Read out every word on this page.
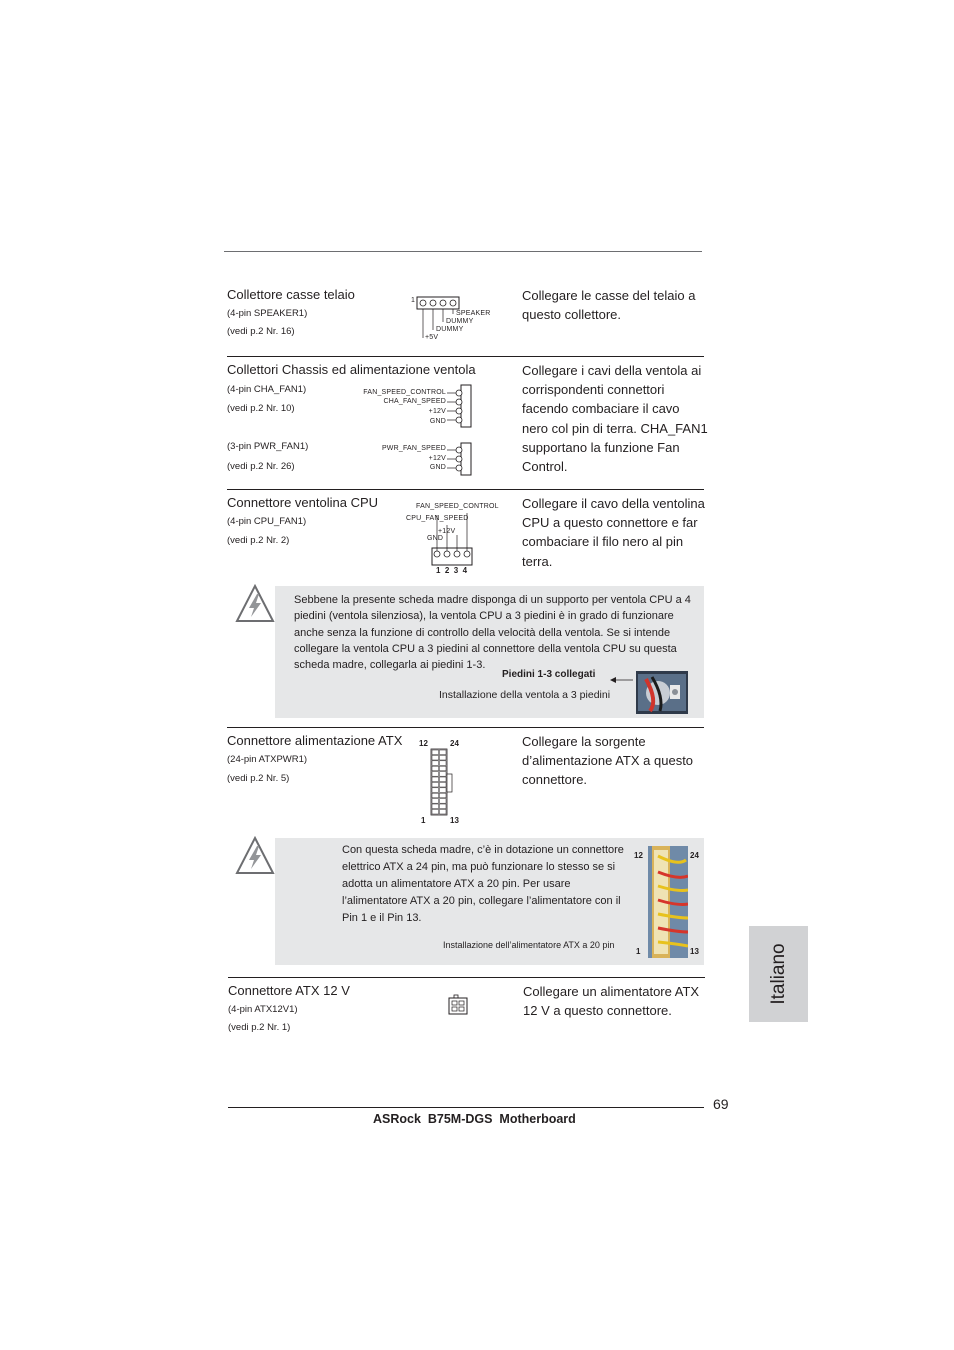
Collettore casse telaio
(4-pin SPEAKER1)
(vedi p.2 Nr. 16)
Collegare le casse del telaio a questo collettore.
1
SPEAKER
DUMMY
DUMMY
+5V
Collettori Chassis ed alimentazione ventola
(4-pin CHA_FAN1)
(vedi p.2 Nr. 10)
(3-pin PWR_FAN1)
(vedi p.2 Nr. 26)
Collegare i cavi della ventola ai corrispondenti connettori facendo combaciare il cavo nero col pin di terra. CHA_FAN1 supportano la funzione Fan Control.
FAN_SPEED_CONTROL
CHA_FAN_SPEED
+12V
GND
PWR_FAN_SPEED
+12V
GND
Connettore ventolina CPU
(4-pin CPU_FAN1)
(vedi p.2 Nr. 2)
Collegare il cavo della ventolina CPU a questo connettore e far combaciare il filo nero al pin terra.
FAN_SPEED_CONTROL
CPU_FAN_SPEED
+12V
GND
1  2  3  4
Sebbene la presente scheda madre disponga di un supporto per ventola CPU a 4 piedini (ventola silenziosa), la ventola CPU a 3 piedini è in grado di funzionare anche senza la funzione di controllo della velocità della ventola. Se si intende collegare la ventola CPU a 3 piedini al connettore della ventola CPU su questa scheda madre, collegarla ai piedini 1-3.
Piedini 1-3 collegati
Installazione della ventola a 3 piedini
Connettore alimentazione ATX
(24-pin ATXPWR1)
(vedi p.2 Nr. 5)
Collegare la sorgente d’alimentazione ATX a questo connettore.
12	24
1	13
Con questa scheda madre, c’è in dotazione un connettore elettrico ATX a 24 pin, ma può funzionare lo stesso se si adotta un alimentatore ATX a 20 pin. Per usare l’alimentatore ATX a 20 pin, collegare l’alimentatore con il Pin 1 e il Pin 13.
Installazione dell’alimentatore ATX a 20 pin
12	24
1	13
Connettore ATX 12 V
(4-pin ATX12V1)
(vedi p.2 Nr. 1)
Collegare un alimentatore ATX 12 V a questo connettore.
Italiano
69
ASRock  B75M-DGS  Motherboard
